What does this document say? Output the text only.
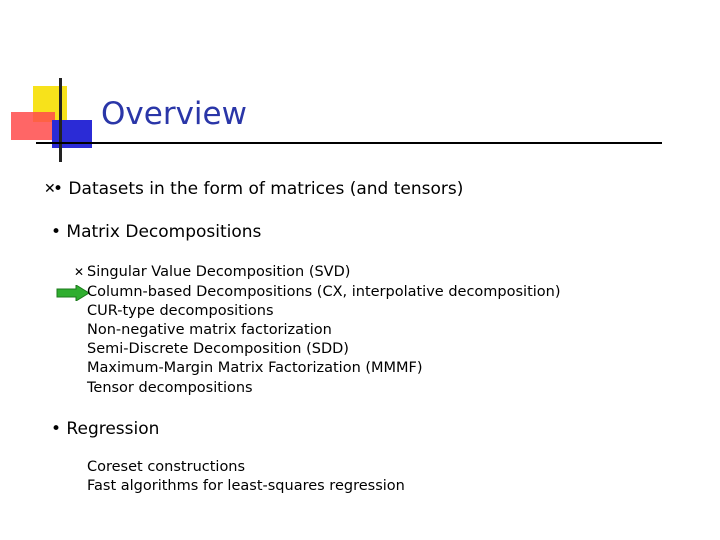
Overview
✕
• Datasets in the form of matrices (and tensors)
• Matrix Decompositions
✕ Singular Value Decomposition (SVD)
Column-based Decompositions (CX, interpolative decomposition)
CUR-type decompositions
Non-negative matrix factorization
Semi-Discrete Decomposition (SDD)
Maximum-Margin Matrix Factorization (MMMF)
Tensor decompositions
• Regression
Coreset constructions
Fast algorithms for least-squares regression
